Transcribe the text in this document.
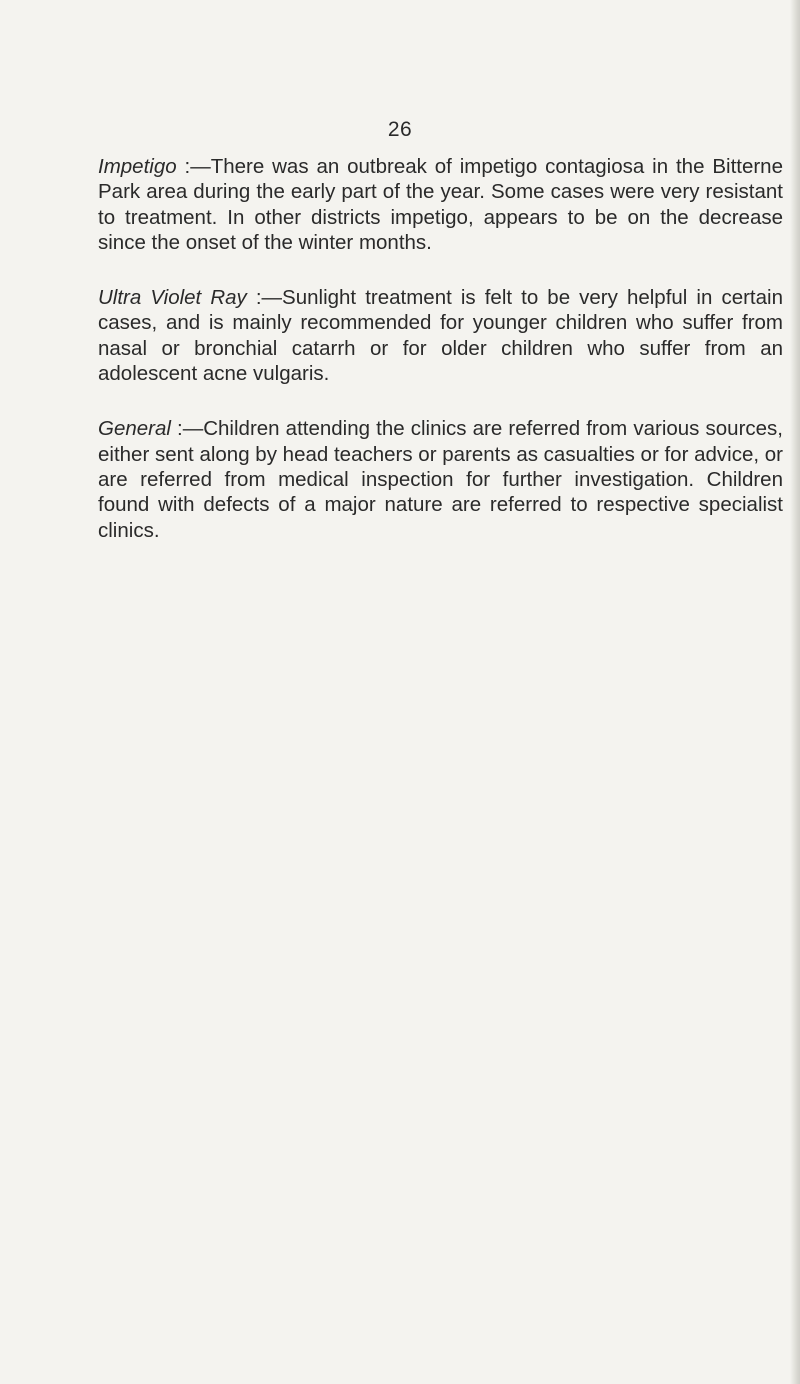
26

Impetigo :—There was an outbreak of impetigo contagiosa in the Bitterne Park area during the early part of the year. Some cases were very resistant to treatment. In other districts impetigo, appears to be on the decrease since the onset of the winter months.

Ultra Violet Ray :—Sunlight treatment is felt to be very helpful in certain cases, and is mainly recommended for younger children who suffer from nasal or bronchial catarrh or for older children who suffer from an adolescent acne vulgaris.

General :—Children attending the clinics are referred from various sources, either sent along by head teachers or parents as casualties or for advice, or are referred from medical inspection for further investigation. Children found with defects of a major nature are referred to respective specialist clinics.
